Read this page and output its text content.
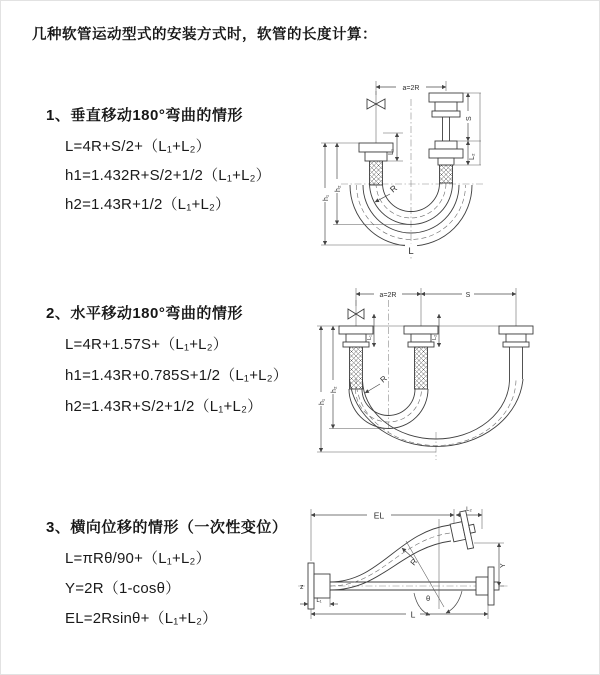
几种软管运动型式的安装方式时，软管的长度计算：
1、垂直移动180°弯曲的情形
L=4R+S/2+（L₁+L₂）
h1=1.432R+S/2+1/2（L₁+L₂）
h2=1.43R+1/2（L₁+L₂）
2、水平移动180°弯曲的情形
L=4R+1.57S+（L₁+L₂）
h1=1.43R+0.785S+1/2（L₁+L₂）
h2=1.43R+S/2+1/2（L₁+L₂）
3、横向位移的情形（一次性变位）
L=πRθ/90+（L₁+L₂）
Y=2R（1-cosθ）
EL=2Rsinθ+（L₁+L₂）
a=2R
L₁
S
L₂
h₁
h₂	R
L
a=2R	S
L₁	L₂
h₁
h₂
R
z
EL
L₂
θ
R	Y
L
L₁
